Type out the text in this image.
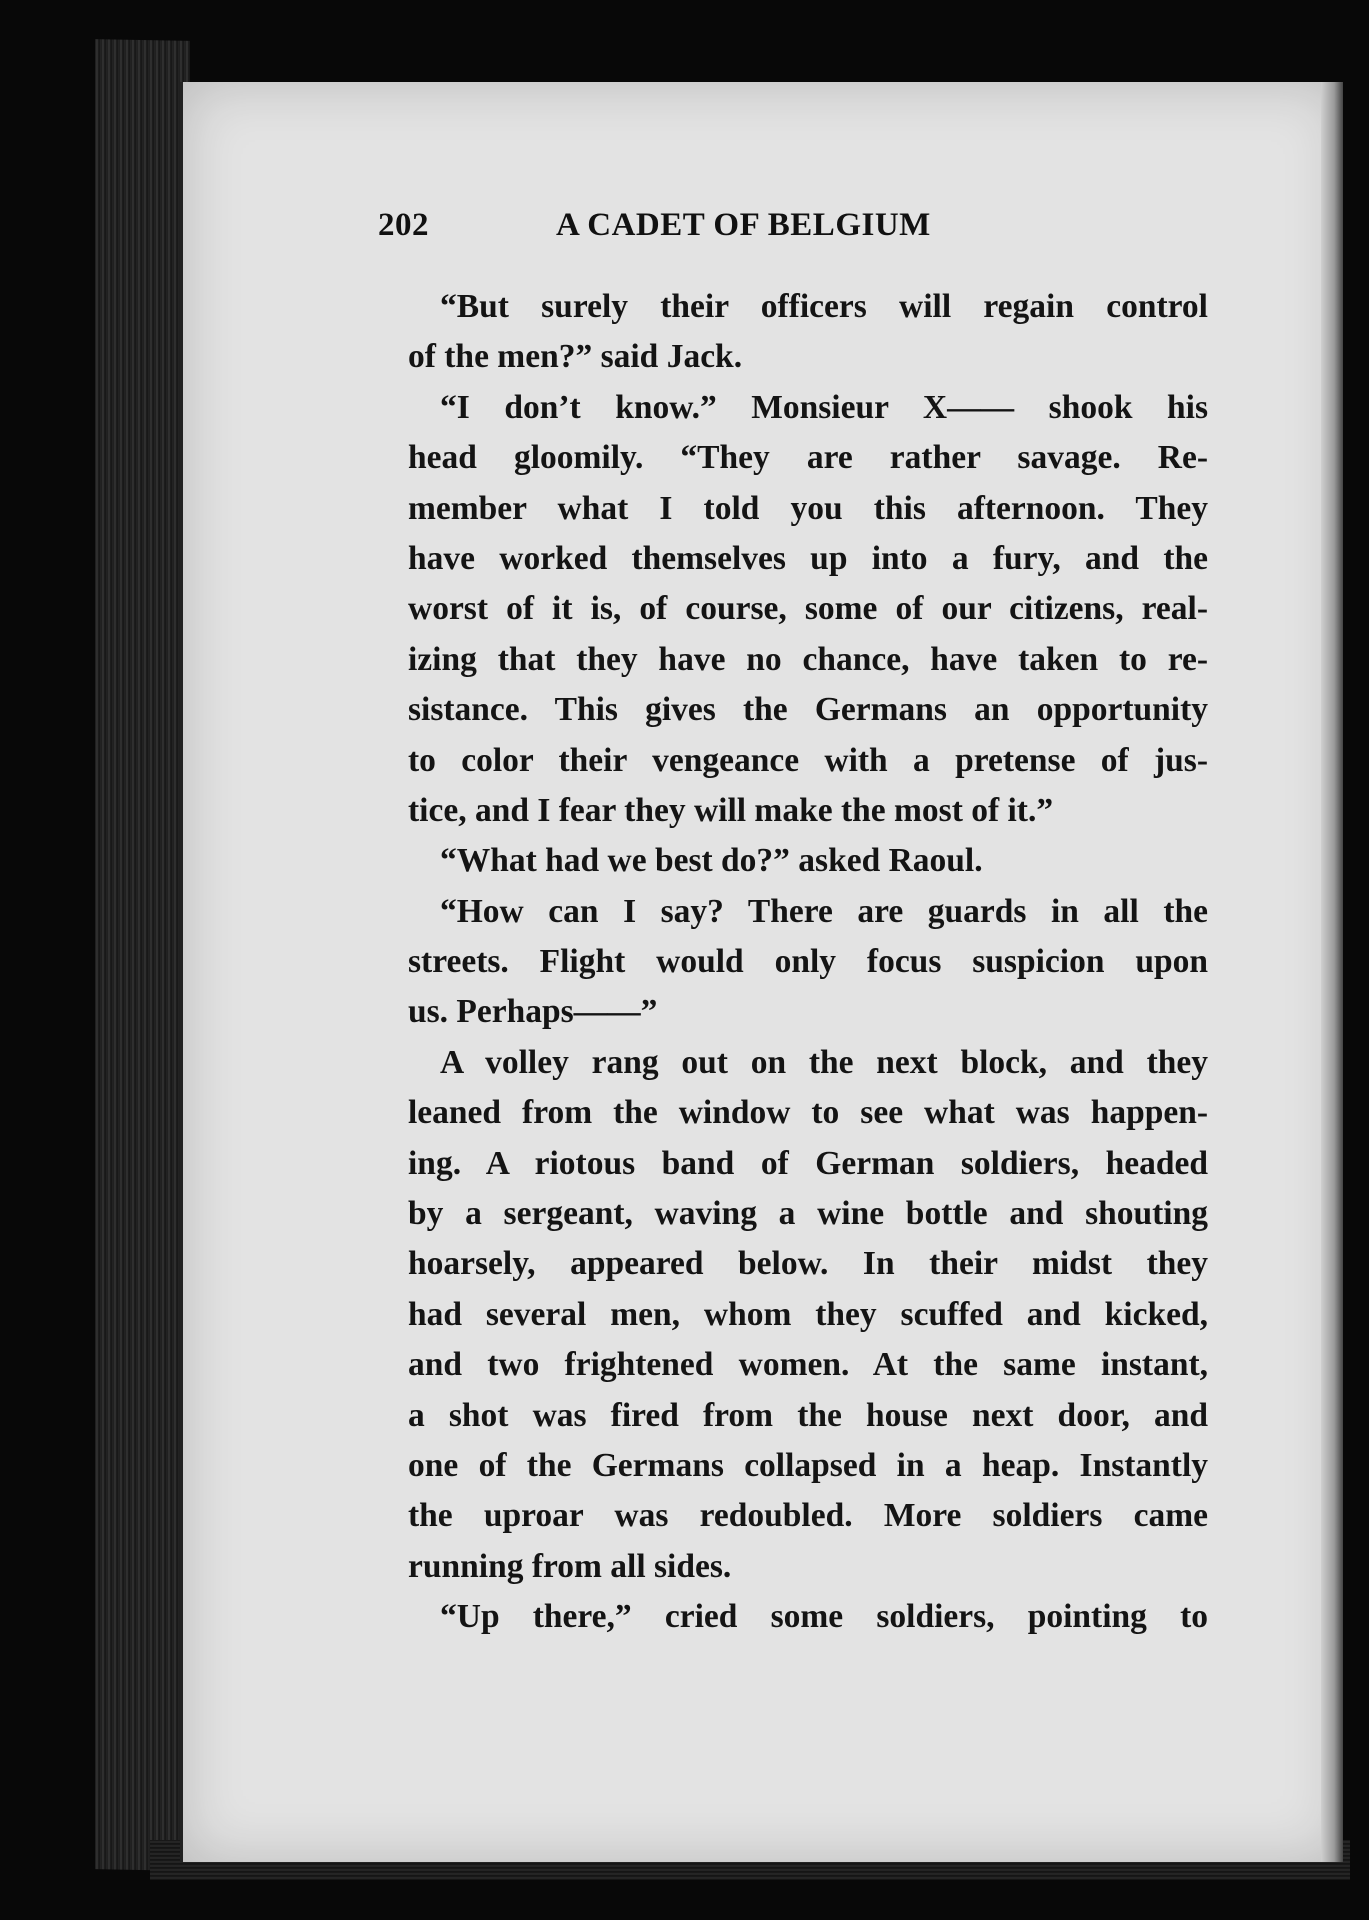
202	A CADET OF BELGIUM
“But surely their officers will regain control
of the men?” said Jack.
“I don’t know.” Monsieur X—— shook his
head gloomily. “They are rather savage. Re-
member what I told you this afternoon. They
have worked themselves up into a fury, and the
worst of it is, of course, some of our citizens, real-
izing that they have no chance, have taken to re-
sistance. This gives the Germans an opportunity
to color their vengeance with a pretense of jus-
tice, and I fear they will make the most of it.”
“What had we best do?” asked Raoul.
“How can I say? There are guards in all the
streets. Flight would only focus suspicion upon
us. Perhaps——”
A volley rang out on the next block, and they
leaned from the window to see what was happen-
ing. A riotous band of German soldiers, headed
by a sergeant, waving a wine bottle and shouting
hoarsely, appeared below. In their midst they
had several men, whom they scuffed and kicked,
and two frightened women. At the same instant,
a shot was fired from the house next door, and
one of the Germans collapsed in a heap. Instantly
the uproar was redoubled. More soldiers came
running from all sides.
“Up there,” cried some soldiers, pointing to
